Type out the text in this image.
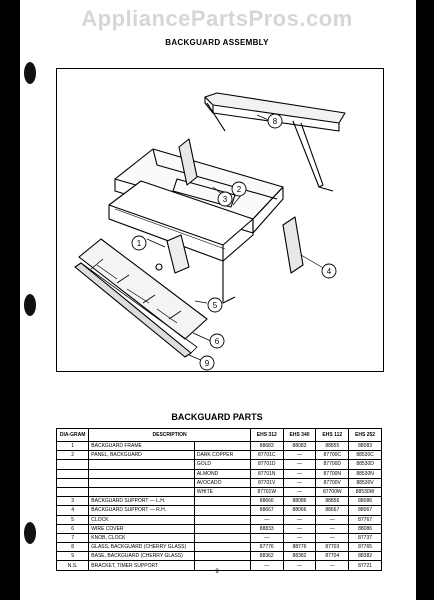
AppliancePartsPros.com
BACKGUARD ASSEMBLY
8
3
2
1
4
5
6
9
BACKGUARD PARTS
DIA-GRAM	DESCRIPTION		EHS 312	EHS 340	EHS 112	EHS 252
1	BACKGUARD FRAME		88683	88083	88855	88083
2	PANEL, BACKGUARD	DARK COPPER	87701C	—	87700C	88530C
		GOLD	87701D	—	87700D	88530D
		ALMOND	87701N	—	87700N	88530N
		AVOCADO	87701V	—	87700V	88530V
		WHITE	87701W	—	87700W	88530W
3	BACKGUARD SUPPORT — L.H.		88666	88086	88856	88086
4	BACKGUARD SUPPORT — R.H.		88667	88066	88667	88067
5	CLOCK		—	—	—	87767
6	WIRE COVER		88833	—	—	88086
7	KNOB, CLOCK		—	—	—	87737
8	GLASS, BACKGUARD (CHERRY GLASS)		87776	88776	87703	87765
9	BASE, BACKGUARD (CHERRY GLASS)		88362	88382	87704	88382
N.S.	BRACKET, TIMER SUPPORT		—	—	—	87721
9
